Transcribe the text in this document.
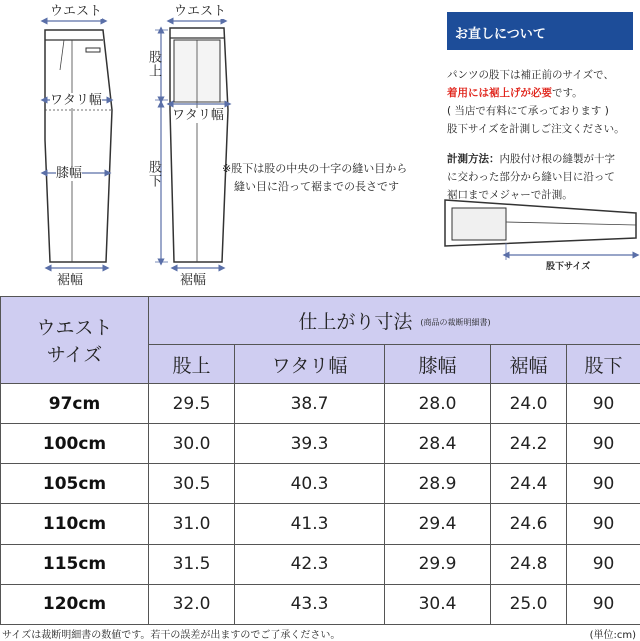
ウエスト
ワタリ幅
膝幅
裾幅
ウエスト
股上
ワタリ幅
股下
裾幅
※股下は股の中央の十字の縫い目から
縫い目に沿って裾までの長さです
お直しについて
パンツの股下は補正前のサイズで、
着用には裾上げが必要です。
( 当店で有料にて承っております )
股下サイズを計測しご注文ください。
計測方法：内股付け根の縫製が十字
に交わった部分から縫い目に沿って
裾口までメジャーで計測。
股下サイズ
ウエスト
サイズ	仕上がり寸法 (商品の裁断明細書)				
	股上	ワタリ幅	膝幅	裾幅	股下
97cm	29.5	38.7	28.0	24.0	90
100cm	30.0	39.3	28.4	24.2	90
105cm	30.5	40.3	28.9	24.4	90
110cm	31.0	41.3	29.4	24.6	90
115cm	31.5	42.3	29.9	24.8	90
120cm	32.0	43.3	30.4	25.0	90
サイズは裁断明細書の数値です。若干の誤差が出ますのでご了承ください。	(単位:cm)
